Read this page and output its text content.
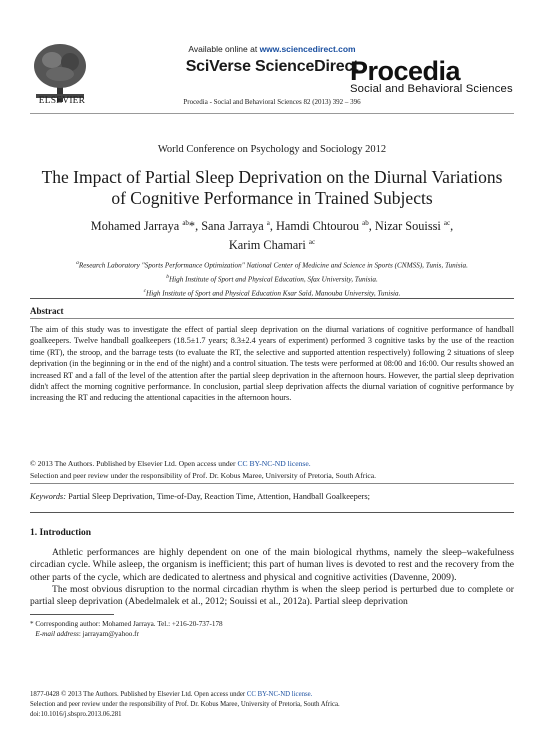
ELSEVIER
Available online at www.sciencedirect.com
SciVerse ScienceDirect
Procedia
Social and Behavioral Sciences
Procedia - Social and Behavioral Sciences 82 (2013) 392 – 396
World Conference on Psychology and Sociology 2012
The Impact of Partial Sleep Deprivation on the Diurnal Variations
of Cognitive Performance in Trained Subjects
Mohamed Jarraya $^{ab}$*, Sana Jarraya $^a$, Hamdi Chtourou $^{ab}$, Nizar Souissi $^{ac}$,
Karim Chamari $^{ac}$
$^a$Research Laboratory "Sports Performance Optimization" National Center of Medicine and Science in Sports (CNMSS), Tunis, Tunisia.
$^b$High Institute of Sport and Physical Education, Sfax University, Tunisia.
$^c$High Institute of Sport and Physical Education Ksar Saïd, Manouba University, Tunisia.
Abstract
The aim of this study was to investigate the effect of partial sleep deprivation on the diurnal variations of cognitive performance of handball goalkeepers. Twelve handball goalkeepers (18.5±1.7 years; 8.3±2.4 years of experiment) performed 3 cognitive tasks by the use of the reaction time (RT), the stroop, and the barrage tests (to evaluate the RT, the selective and supported attention respectively) following 2 situations of sleep deprivation (in the beginning or in the end of the night) and a control situation. The tests were performed at 08:00 and 16:00. Our results showed an increased RT and a fall of the level of the attention after the partial sleep deprivation in the afternoon hours. However, the partial sleep deprivation didn't affect the morning cognitive performance. In conclusion, partial sleep deprivation affects the diurnal variation of cognitive performance by increasing the RT and reducing the attentional capacities in the afternoon hours.
© 2013 The Authors. Published by Elsevier Ltd. Open access under CC BY-NC-ND license.
Selection and peer review under the responsibility of Prof. Dr. Kobus Maree, University of Pretoria, South Africa.
Keywords: Partial Sleep Deprivation, Time-of-Day, Reaction Time, Attention, Handball Goalkeepers;
1. Introduction

Athletic performances are highly dependent on one of the main biological rhythms, namely the sleep–wakefulness circadian cycle. While asleep, the organism is inefficient; this part of human lives is devoted to rest and the recovery from the other parts of the cycle, which are dedicated to alertness and physical and cognitive activities (Davenne, 2009).

The most obvious disruption to the normal circadian rhythm is when the sleep period is perturbed due to complete or partial sleep deprivation (Abedelmalek et al., 2012; Souissi et al., 2012a). Partial sleep deprivation

* Corresponding author: Mohamed Jarraya. Tel.: +216-20-737-178
E-mail address: jarrayam@yahoo.fr
1877-0428 © 2013 The Authors. Published by Elsevier Ltd. Open access under CC BY-NC-ND license.
Selection and peer review under the responsibility of Prof. Dr. Kobus Maree, University of Pretoria, South Africa.
doi:10.1016/j.sbspro.2013.06.281
